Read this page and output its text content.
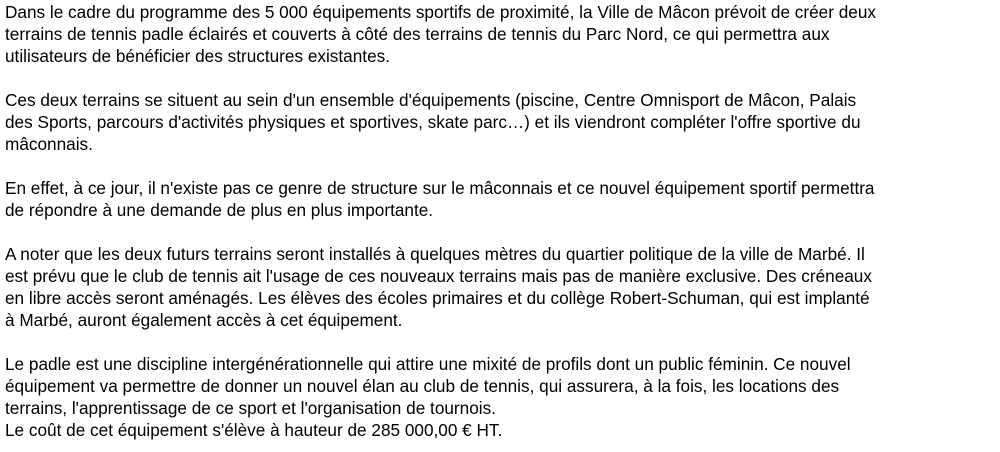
Dans le cadre du programme des 5 000 équipements sportifs de proximité, la Ville de Mâcon prévoit de créer deux
terrains de tennis padle éclairés et couverts à côté des terrains de tennis du Parc Nord, ce qui permettra aux
utilisateurs de bénéficier des structures existantes.
Ces deux terrains se situent au sein d'un ensemble d'équipements (piscine, Centre Omnisport de Mâcon, Palais
des Sports, parcours d'activités physiques et sportives, skate parc…) et ils viendront compléter l'offre sportive du
mâconnais.
En effet, à ce jour, il n'existe pas ce genre de structure sur le mâconnais et ce nouvel équipement sportif permettra
de répondre à une demande de plus en plus importante.
A noter que les deux futurs terrains seront installés à quelques mètres du quartier politique de la ville de Marbé. Il
est prévu que le club de tennis ait l'usage de ces nouveaux terrains mais pas de manière exclusive. Des créneaux
en libre accès seront aménagés. Les élèves des écoles primaires et du collège Robert-Schuman, qui est implanté
à Marbé, auront également accès à cet équipement.
Le padle est une discipline intergénérationnelle qui attire une mixité de profils dont un public féminin. Ce nouvel
équipement va permettre de donner un nouvel élan au club de tennis, qui assurera, à la fois, les locations des
terrains, l'apprentissage de ce sport et l'organisation de tournois.
Le coût de cet équipement s'élève à hauteur de 285 000,00 € HT.
